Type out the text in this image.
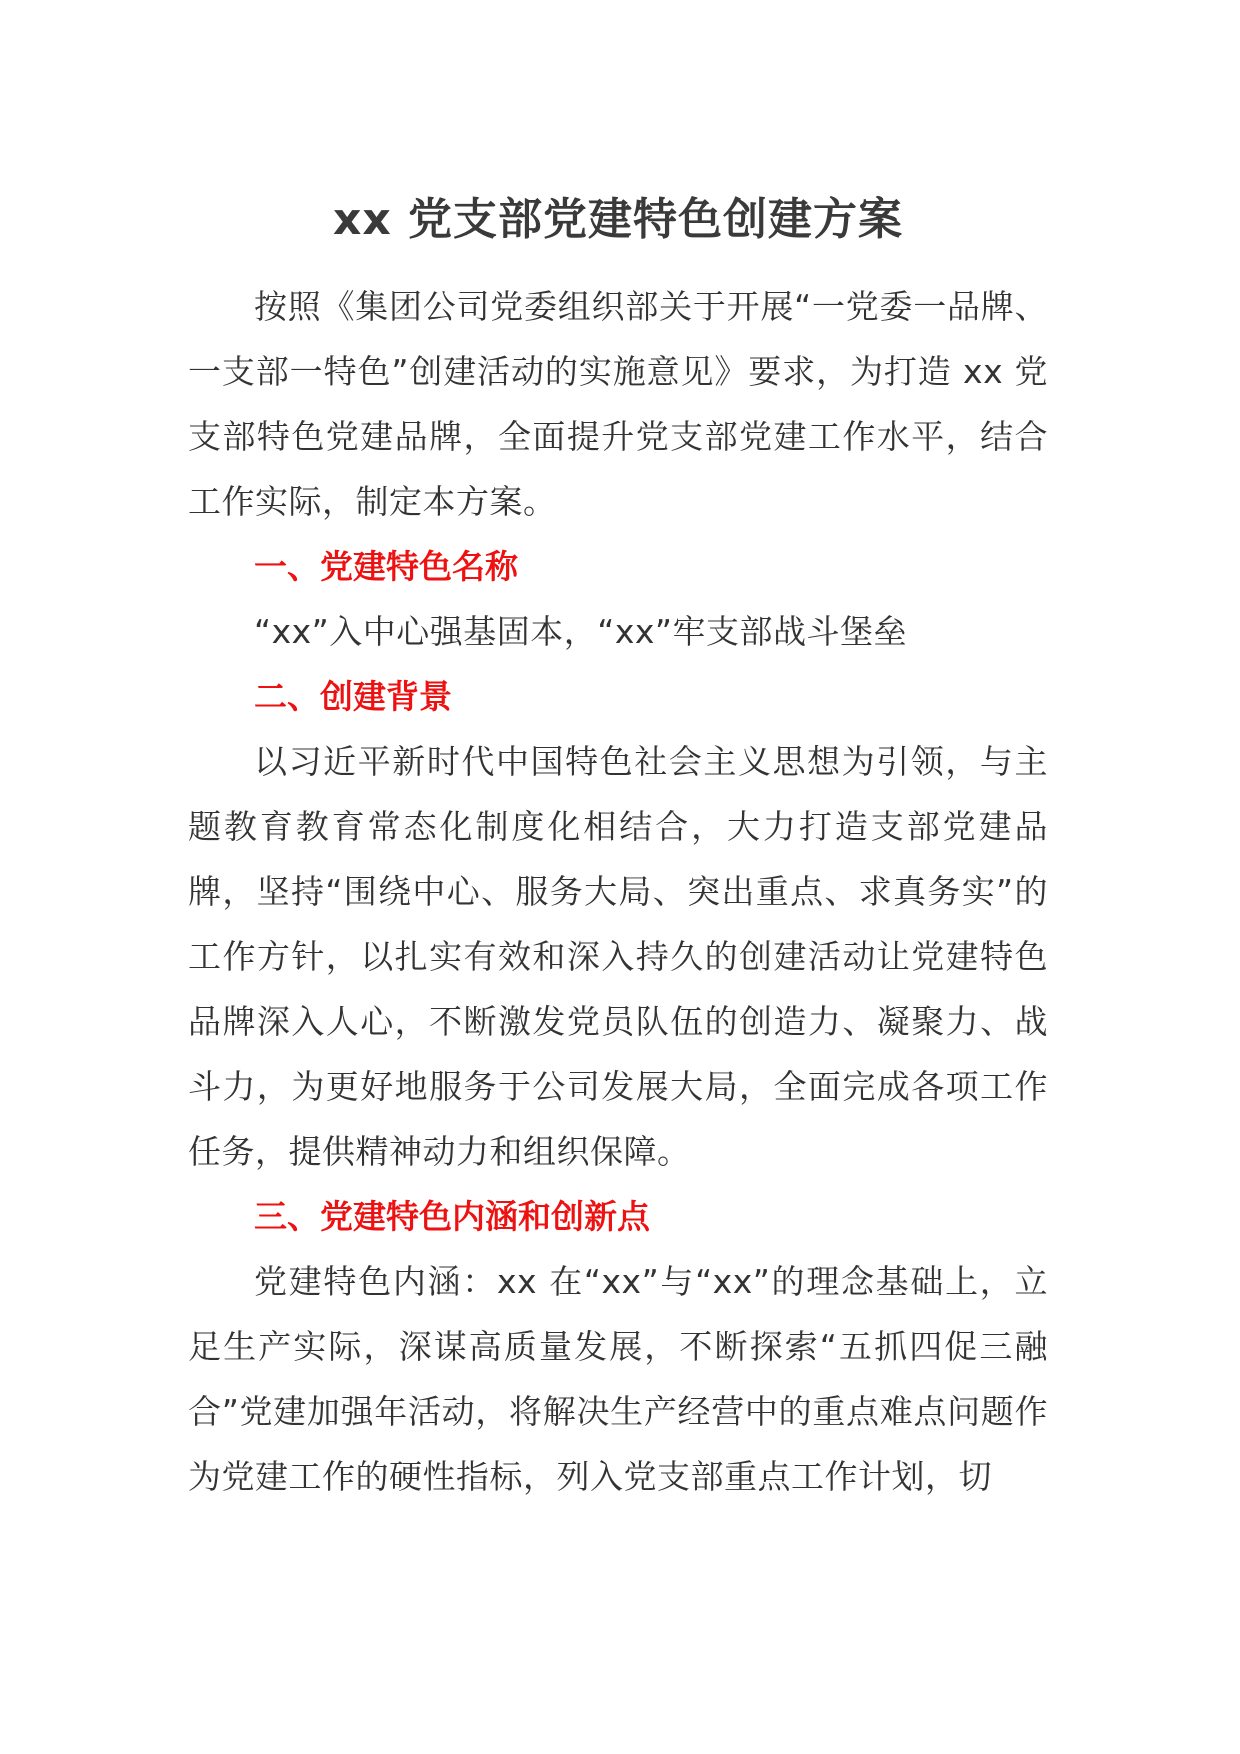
xx 党支部党建特色创建方案

按照《集团公司党委组织部关于开展“一党委一品牌、一支部一特色”创建活动的实施意见》要求，为打造 xx 党支部特色党建品牌，全面提升党支部党建工作水平，结合工作实际，制定本方案。

一、党建特色名称

“xx”入中心强基固本，“xx”牢支部战斗堡垒

二、创建背景

以习近平新时代中国特色社会主义思想为引领，与主题教育教育常态化制度化相结合，大力打造支部党建品牌，坚持“围绕中心、服务大局、突出重点、求真务实”的工作方针，以扎实有效和深入持久的创建活动让党建特色品牌深入人心，不断激发党员队伍的创造力、凝聚力、战斗力，为更好地服务于公司发展大局，全面完成各项工作任务，提供精神动力和组织保障。

三、党建特色内涵和创新点

党建特色内涵：xx 在“xx”与“xx”的理念基础上，立足生产实际，深谋高质量发展，不断探索“五抓四促三融合”党建加强年活动，将解决生产经营中的重点难点问题作为党建工作的硬性指标，列入党支部重点工作计划，切
